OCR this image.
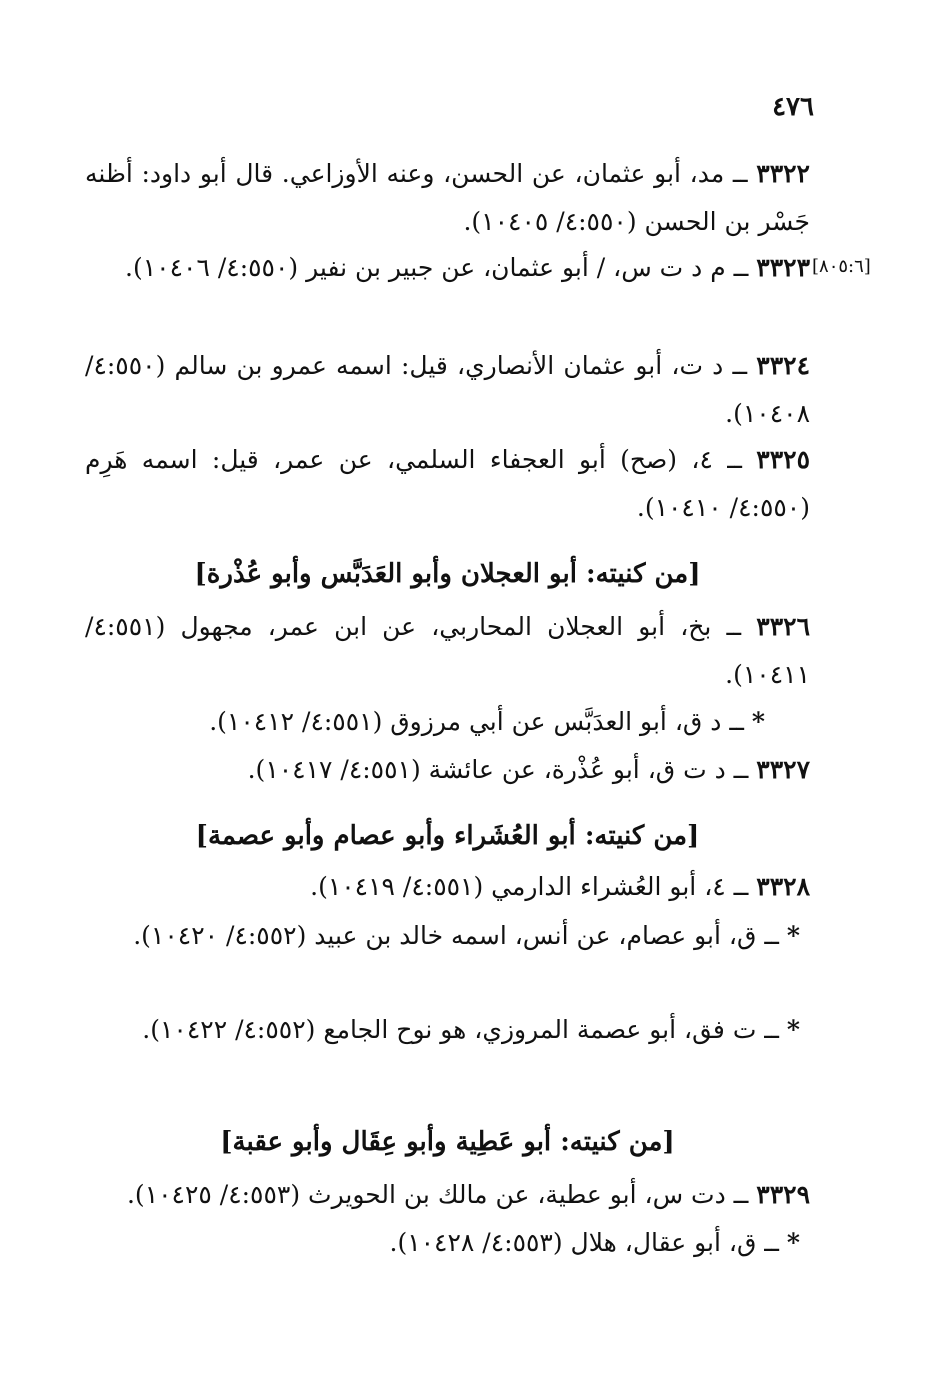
٤٧٦
[٨٠٥:٦]
٣٣٢٢ ــ مد، أبو عثمان، عن الحسن، وعنه الأوزاعي. قال أبو داود: أظنه جَسْر بن الحسن (٤:٥٥٠/ ١٠٤٠٥).
٣٣٢٣ ــ م د ت س، / أبو عثمان، عن جبير بن نفير (٤:٥٥٠/ ١٠٤٠٦).
٣٣٢٤ ــ د ت، أبو عثمان الأنصاري، قيل: اسمه عمرو بن سالم (٤:٥٥٠/ ١٠٤٠٨).
٣٣٢٥ ــ ٤، (صح) أبو العجفاء السلمي، عن عمر، قيل: اسمه هَرِم (٤:٥٥٠/ ١٠٤١٠).
[من كنيته: أبو العجلان وأبو العَدَبَّس وأبو عُذْرة]
٣٣٢٦ ــ بخ، أبو العجلان المحاربي، عن ابن عمر، مجهول (٤:٥٥١/ ١٠٤١١).
* ــ د ق، أبو العدَبَّس عن أبي مرزوق (٤:٥٥١/ ١٠٤١٢).
٣٣٢٧ ــ د ت ق، أبو عُذْرة، عن عائشة (٤:٥٥١/ ١٠٤١٧).
[من كنيته: أبو العُشَراء وأبو عصام وأبو عصمة]
٣٣٢٨ ــ ٤، أبو العُشراء الدارمي (٤:٥٥١/ ١٠٤١٩).
* ــ ق، أبو عصام، عن أنس، اسمه خالد بن عبيد (٤:٥٥٢/ ١٠٤٢٠).
* ــ ت فق، أبو عصمة المروزي، هو نوح الجامع (٤:٥٥٢/ ١٠٤٢٢).
[من كنيته: أبو عَطِية وأبو عِقَال وأبو عقبة]
٣٣٢٩ ــ دت س، أبو عطية، عن مالك بن الحويرث (٤:٥٥٣/ ١٠٤٢٥).
* ــ ق، أبو عقال، هلال (٤:٥٥٣/ ١٠٤٢٨).
